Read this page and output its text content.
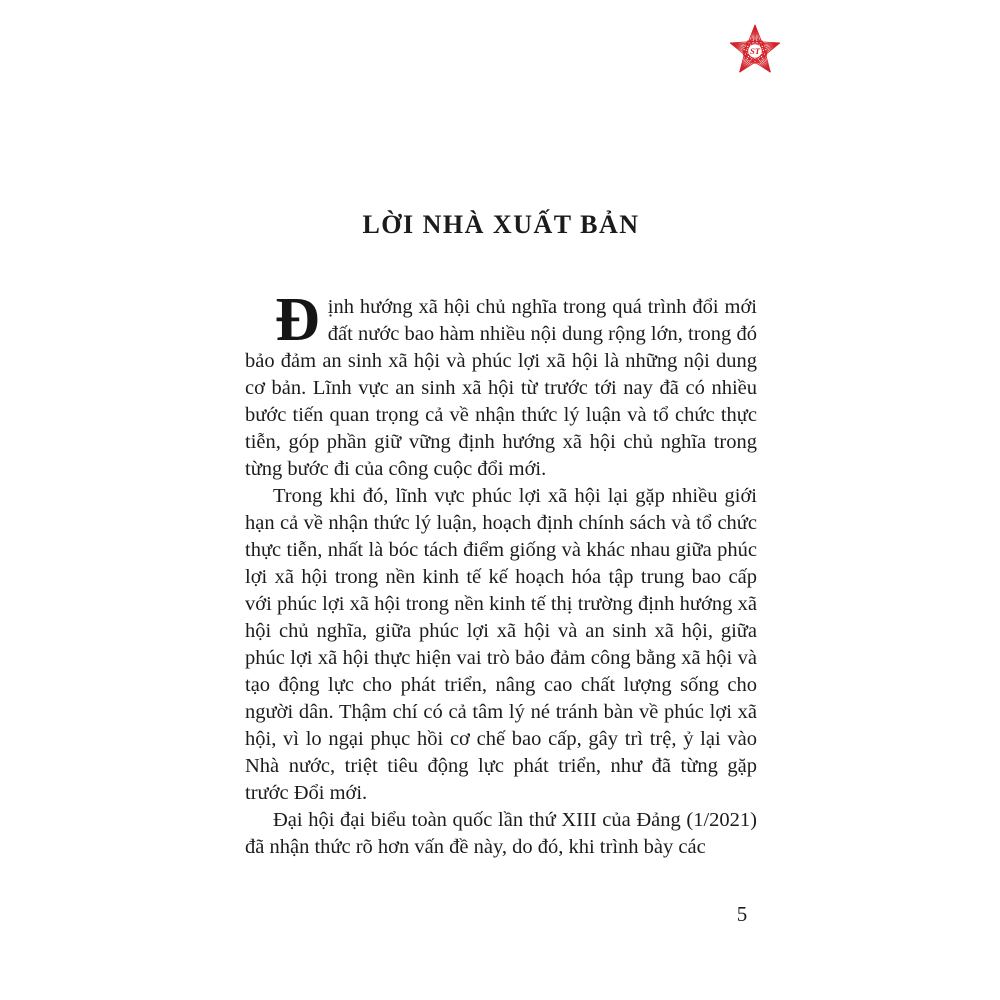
ST
LỜI NHÀ XUẤT BẢN

Định hướng xã hội chủ nghĩa trong quá trình đổi mới đất nước bao hàm nhiều nội dung rộng lớn, trong đó bảo đảm an sinh xã hội và phúc lợi xã hội là những nội dung cơ bản. Lĩnh vực an sinh xã hội từ trước tới nay đã có nhiều bước tiến quan trọng cả về nhận thức lý luận và tổ chức thực tiễn, góp phần giữ vững định hướng xã hội chủ nghĩa trong từng bước đi của công cuộc đổi mới.

Trong khi đó, lĩnh vực phúc lợi xã hội lại gặp nhiều giới hạn cả về nhận thức lý luận, hoạch định chính sách và tổ chức thực tiễn, nhất là bóc tách điểm giống và khác nhau giữa phúc lợi xã hội trong nền kinh tế kế hoạch hóa tập trung bao cấp với phúc lợi xã hội trong nền kinh tế thị trường định hướng xã hội chủ nghĩa, giữa phúc lợi xã hội và an sinh xã hội, giữa phúc lợi xã hội thực hiện vai trò bảo đảm công bằng xã hội và tạo động lực cho phát triển, nâng cao chất lượng sống cho người dân. Thậm chí có cả tâm lý né tránh bàn về phúc lợi xã hội, vì lo ngại phục hồi cơ chế bao cấp, gây trì trệ, ỷ lại vào Nhà nước, triệt tiêu động lực phát triển, như đã từng gặp trước Đổi mới.

Đại hội đại biểu toàn quốc lần thứ XIII của Đảng (1/2021) đã nhận thức rõ hơn vấn đề này, do đó, khi trình bày các

5
